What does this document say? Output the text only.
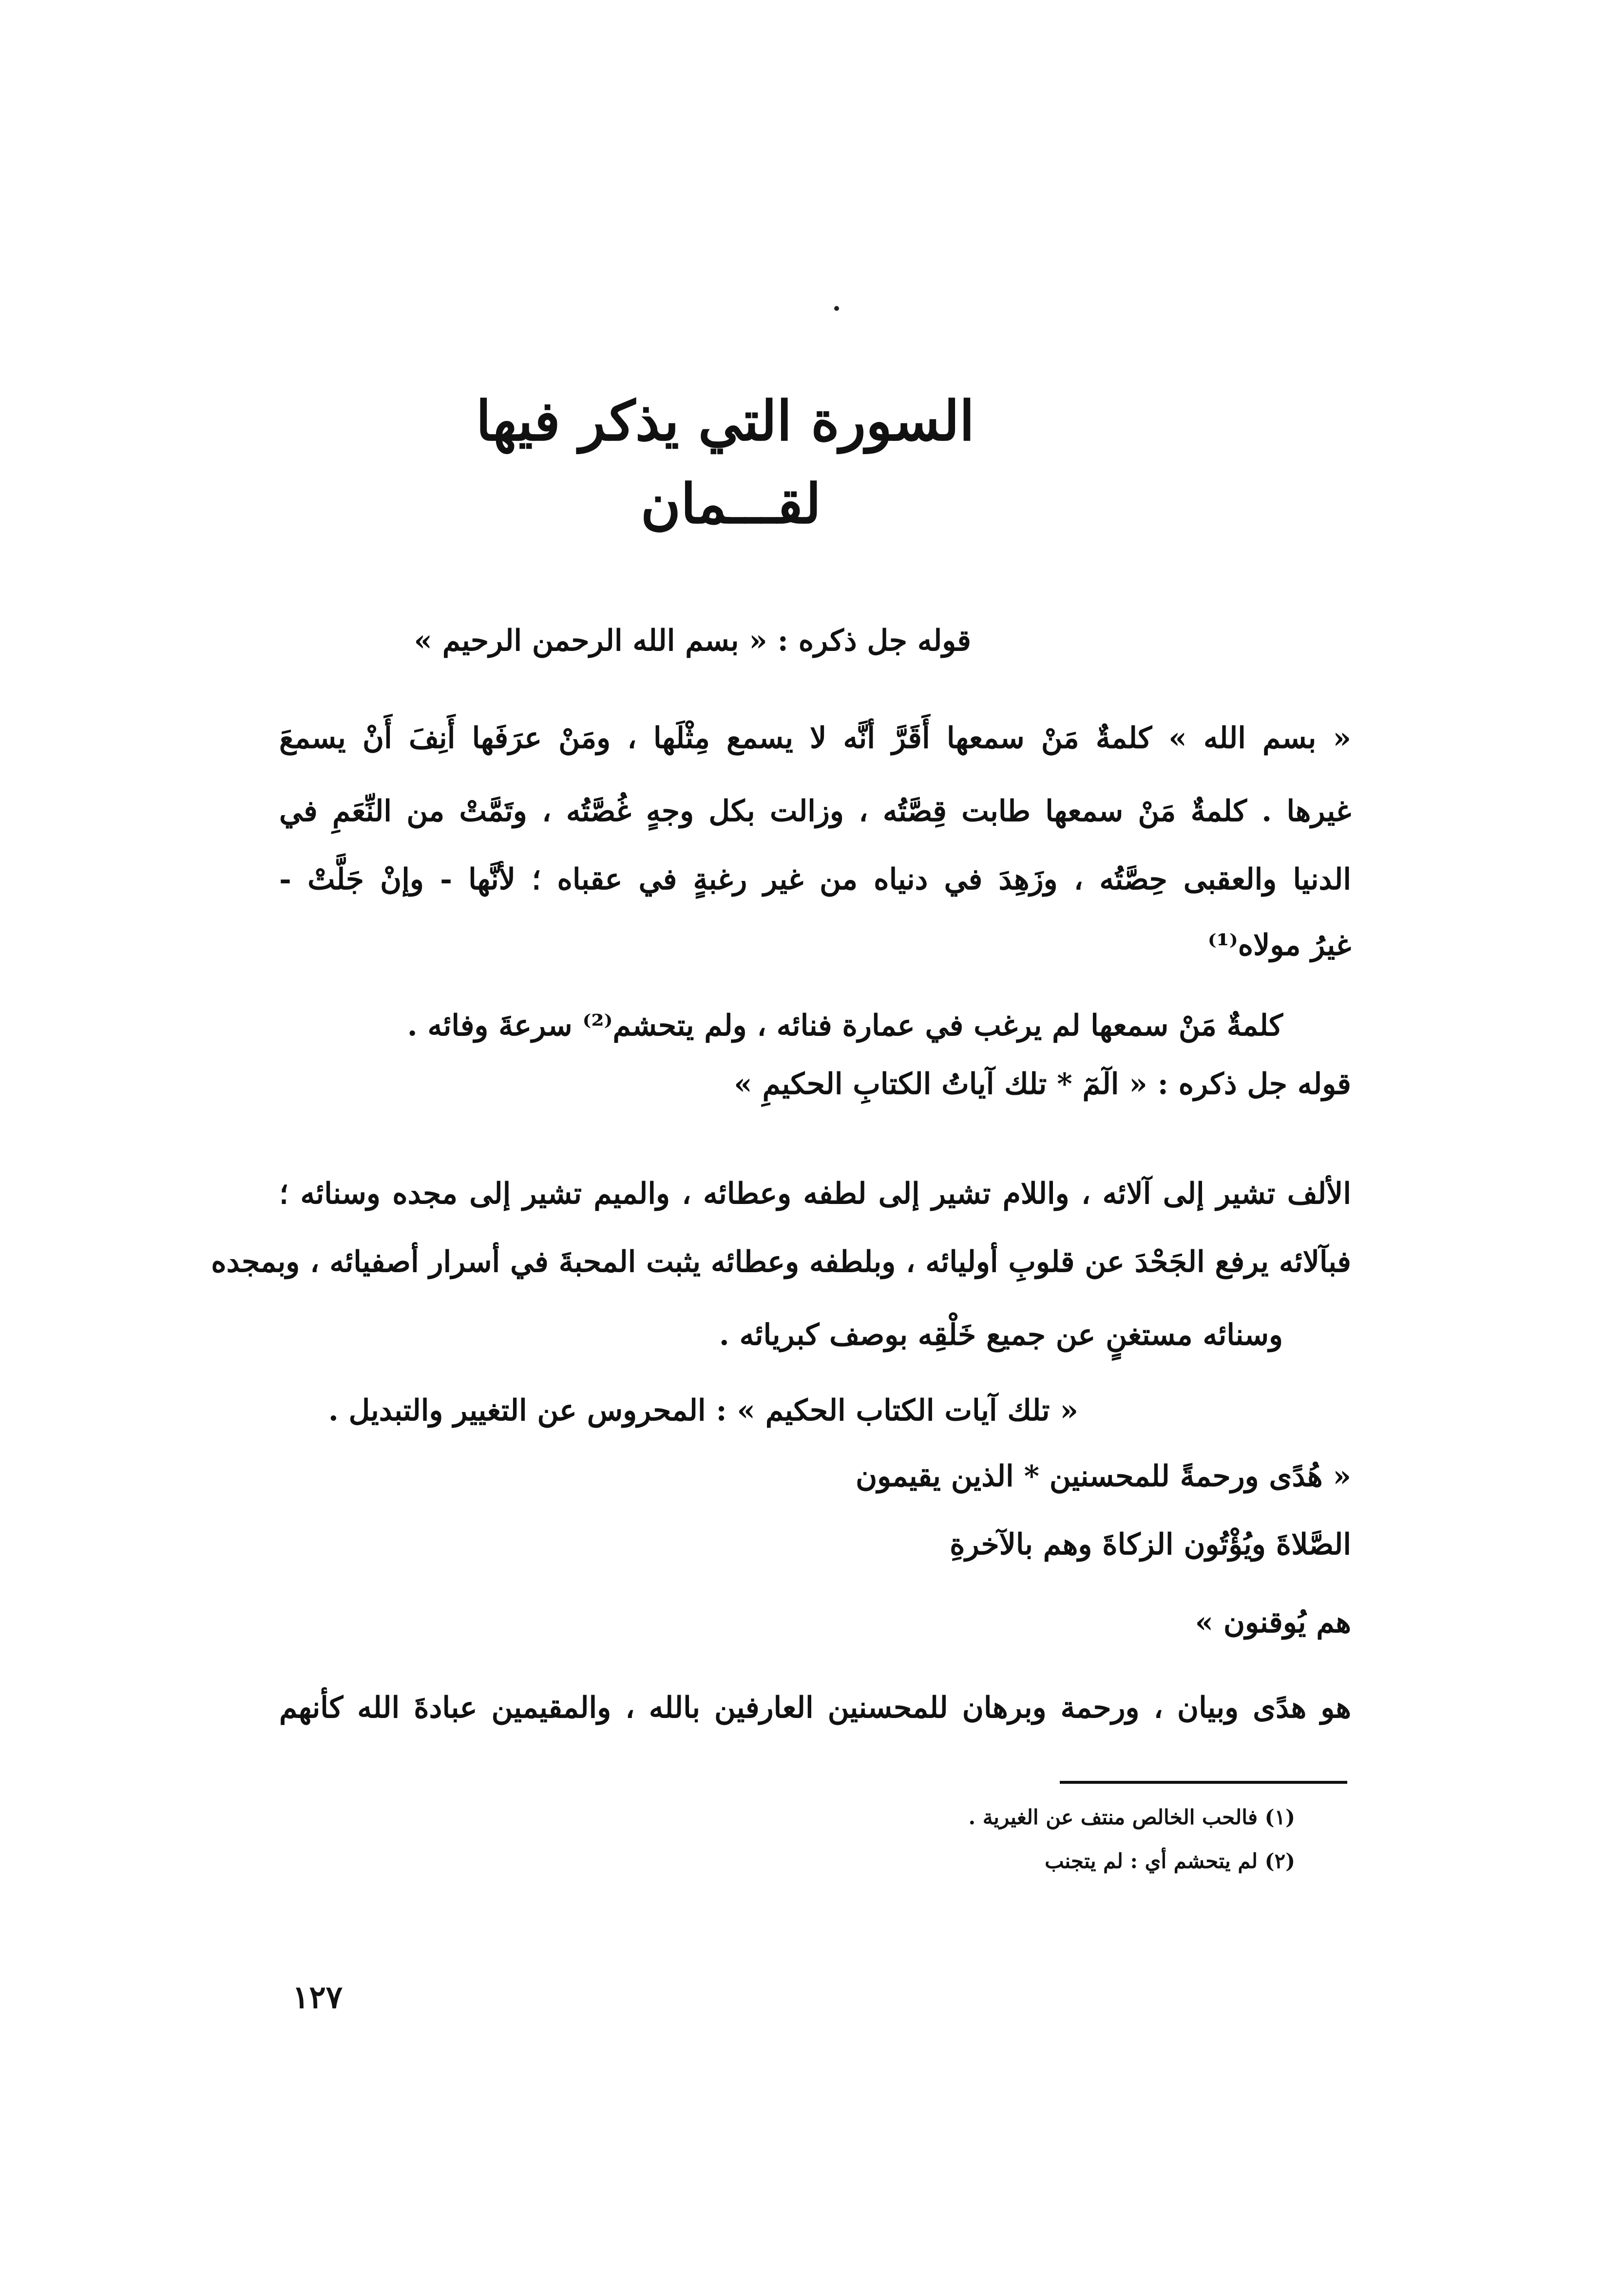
السورة التي يذكر فيها
لقـــمان
قوله جل ذكره : « بسم الله الرحمن الرحيم »
« بسم الله » كلمةٌ مَنْ سمعها أَقَرَّ أنَّه لا يسمع مِثْلَها ، ومَنْ عرَفَها أَنِفَ أَنْ يسمعَ
غيرها . كلمةٌ مَنْ سمعها طابت قِصَّتُه ، وزالت بكل وجهٍ غُصَّتُه ، وتَمَّتْ من النِّعَمِ في
الدنيا والعقبى حِصَّتُه ، وزَهِدَ في دنياه من غير رغبةٍ في عقباه ؛ لأنَّها - وإنْ جَلَّتْ -
غيرُ مولاه⁽¹⁾
كلمةٌ مَنْ سمعها لم يرغب في عمارة فنائه ، ولم يتحشم⁽²⁾ سرعةَ وفائه .
قوله جل ذكره : « الٓمٓ * تلك آياتُ الكتابِ الحكيمِ »
الألف تشير إلى آلائه ، واللام تشير إلى لطفه وعطائه ، والميم تشير إلى مجده وسنائه ؛
فبآلائه يرفع الجَحْدَ عن قلوبِ أوليائه ، وبلطفه وعطائه يثبت المحبةَ في أسرار أصفيائه ، وبمجده
وسنائه مستغنٍ عن جميع خَلْقِه بوصف كبريائه .
« تلك آيات الكتاب الحكيم » : المحروس عن التغيير والتبديل .
« هُدًى ورحمةً للمحسنين * الذين يقيمون
الصَّلاةَ ويُؤْتُون الزكاةَ وهم بالآخرةِ
هم يُوقنون »
هو هدًى وبيان ، ورحمة وبرهان للمحسنين العارفين بالله ، والمقيمين عبادةَ الله كأنهم
(١) فالحب الخالص منتف عن الغيرية .
(٢) لم يتحشم أي : لم يتجنب
١٢٧
